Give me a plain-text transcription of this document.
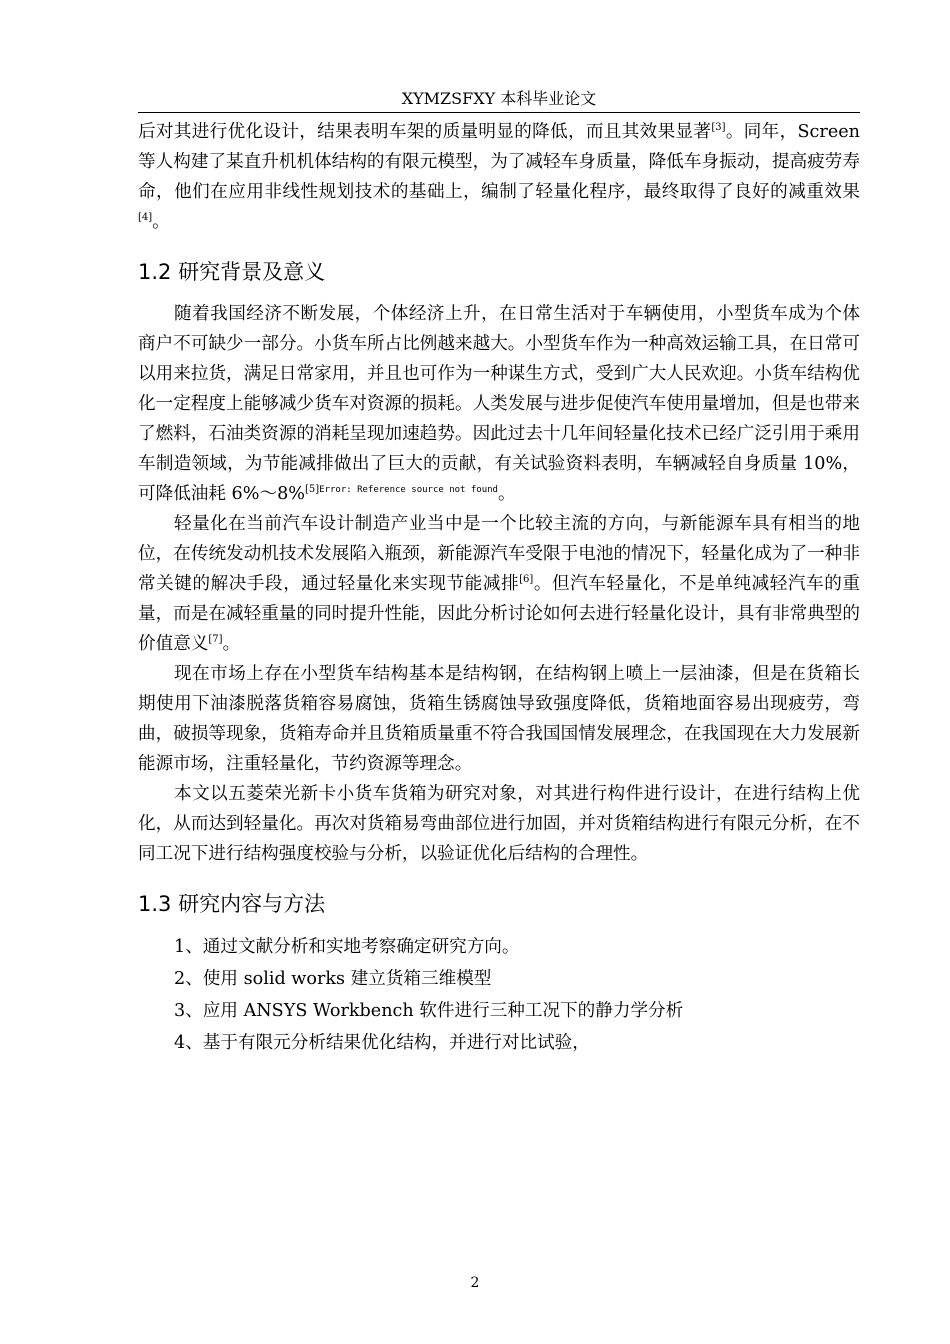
XYMZSFXY 本科毕业论文

后对其进行优化设计，结果表明车架的质量明显的降低，而且其效果显著[3]。同年，Screen 等人构建了某直升机机体结构的有限元模型，为了减轻车身质量，降低车身振动，提高疲劳寿命，他们在应用非线性规划技术的基础上，编制了轻量化程序，最终取得了良好的减重效果[4]。

1.2 研究背景及意义

随着我国经济不断发展，个体经济上升，在日常生活对于车辆使用，小型货车成为个体商户不可缺少一部分。小货车所占比例越来越大。小型货车作为一种高效运输工具，在日常可以用来拉货，满足日常家用，并且也可作为一种谋生方式，受到广大人民欢迎。小货车结构优化一定程度上能够减少货车对资源的损耗。人类发展与进步促使汽车使用量增加，但是也带来了燃料，石油类资源的消耗呈现加速趋势。因此过去十几年间轻量化技术已经广泛引用于乘用车制造领域，为节能减排做出了巨大的贡献，有关试验资料表明，车辆减轻自身质量 10%，可降低油耗 6%～8%$^{[5]Error: Reference source not found}$。

轻量化在当前汽车设计制造产业当中是一个比较主流的方向，与新能源车具有相当的地位，在传统发动机技术发展陷入瓶颈，新能源汽车受限于电池的情况下，轻量化成为了一种非常关键的解决手段，通过轻量化来实现节能减排[6]。但汽车轻量化，不是单纯减轻汽车的重量，而是在减轻重量的同时提升性能，因此分析讨论如何去进行轻量化设计，具有非常典型的价值意义[7]。

现在市场上存在小型货车结构基本是结构钢，在结构钢上喷上一层油漆，但是在货箱长期使用下油漆脱落货箱容易腐蚀，货箱生锈腐蚀导致强度降低，货箱地面容易出现疲劳，弯曲，破损等现象，货箱寿命并且货箱质量重不符合我国国情发展理念，在我国现在大力发展新能源市场，注重轻量化，节约资源等理念。

本文以五菱荣光新卡小货车货箱为研究对象，对其进行构件进行设计，在进行结构上优化，从而达到轻量化。再次对货箱易弯曲部位进行加固，并对货箱结构进行有限元分析，在不同工况下进行结构强度校验与分析，以验证优化后结构的合理性。

1.3 研究内容与方法
1、通过文献分析和实地考察确定研究方向。
2、使用 solid works 建立货箱三维模型
3、应用 ANSYS Workbench 软件进行三种工况下的静力学分析
4、基于有限元分析结果优化结构，并进行对比试验，
2
